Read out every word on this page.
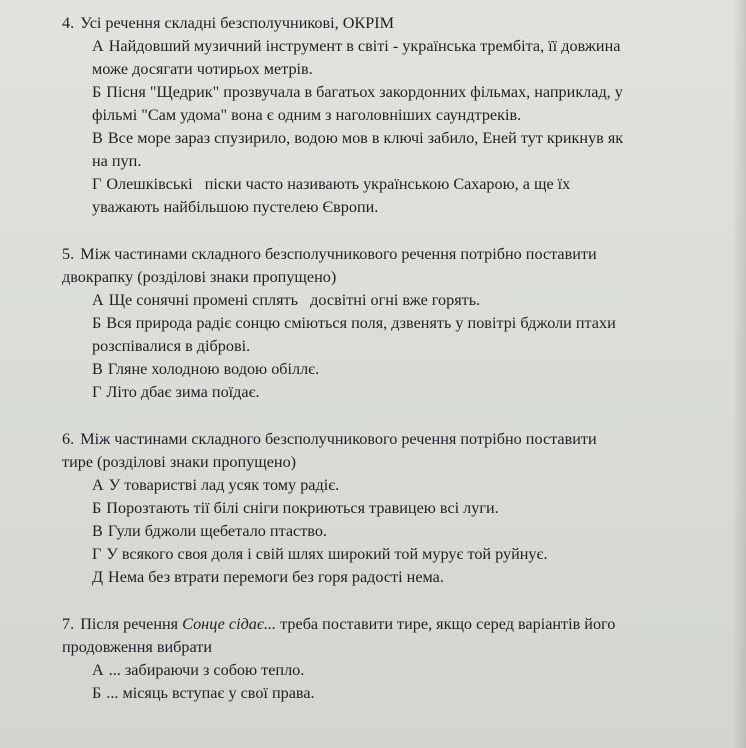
4. Усі речення складні безсполучникові, ОКРІМ
А Найдовший музичний інструмент в світі - українська трембіта, її довжина
може досягати чотирьох метрів.
Б Пісня "Щедрик" прозвучала в багатьох закордонних фільмах, наприклад, у
фільмі "Сам удома" вона є одним з наголовніших саундтреків.
В Все море зараз спузирило, водою мов в ключі забило, Еней тут крикнув як
на пуп.
Г Олешківські   піски часто називають українською Сахарою, а ще їх
уважають найбільшою пустелею Європи.
5. Між частинами складного безсполучникового речення потрібно поставити
двокрапку (розділові знаки пропущено)
А Ще сонячні промені сплять   досвітні огні вже горять.
Б Вся природа радіє сонцю сміються поля, дзвенять у повітрі бджоли птахи
розспівалися в діброві.
В Гляне холодною водою обіллє.
Г Літо дбає зима поїдає.
6. Між частинами складного безсполучникового речення потрібно поставити
тире (розділові знаки пропущено)
А У товаристві лад усяк тому радіє.
Б Порозтають тії білі сніги покриються травицею всі луги.
В Гули бджоли щебетало птаство.
Г У всякого своя доля і свій шлях широкий той мурує той руйнує.
Д Нема без втрати перемоги без горя радості нема.
7. Після речення Сонце сідає... треба поставити тире, якщо серед варіантів його
продовження вибрати
А ... забираючи з собою тепло.
Б ... місяць вступає у свої права.
